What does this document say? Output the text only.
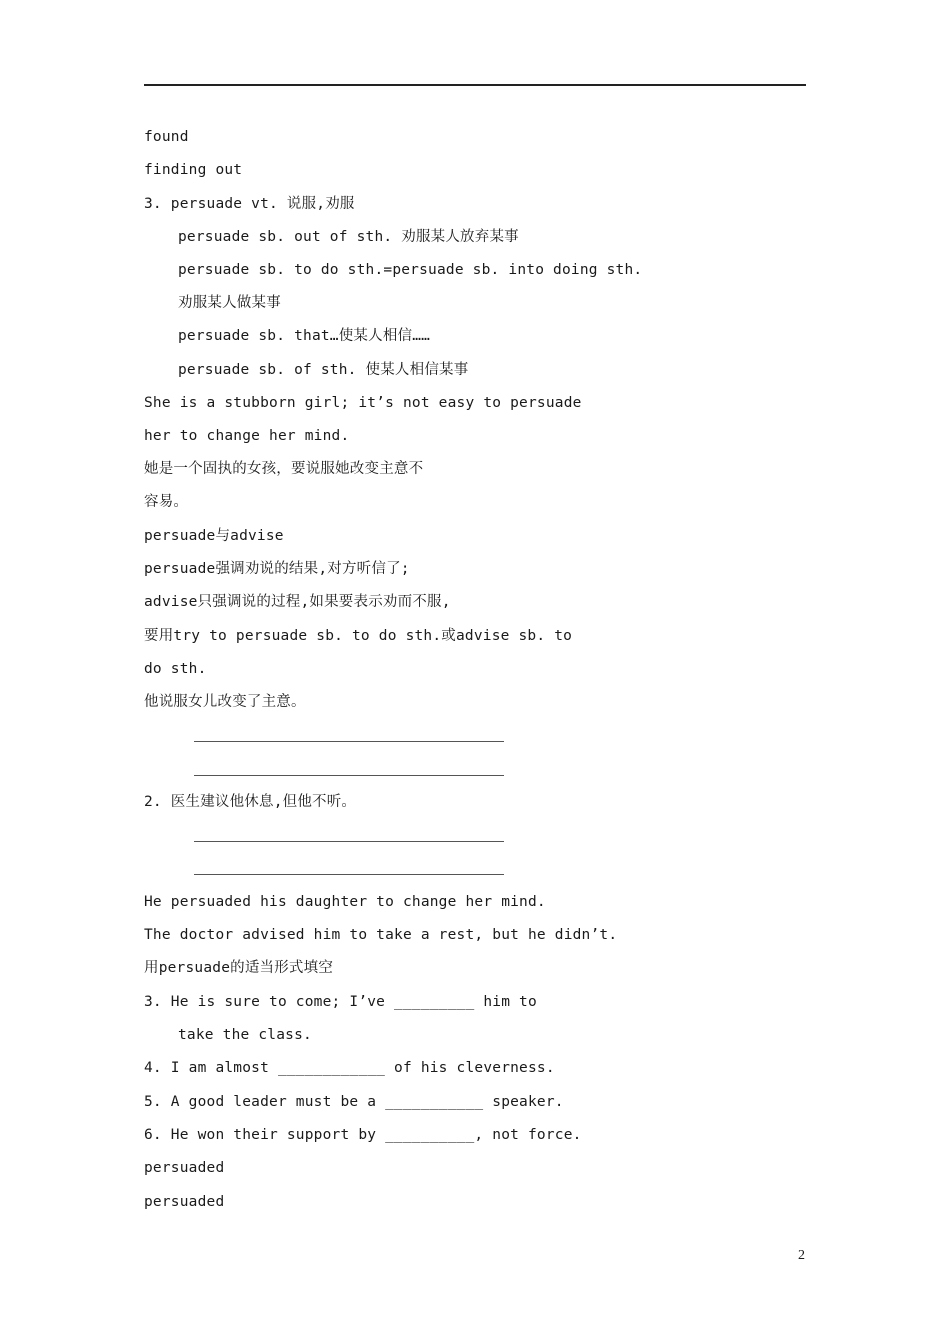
found
finding out
3. persuade vt. 说服,劝服
persuade sb. out of sth. 劝服某人放弃某事
persuade sb. to do sth.=persuade sb. into doing sth.
劝服某人做某事
persuade sb. that…使某人相信……
persuade sb. of sth. 使某人相信某事
She is a stubborn girl; it’s not easy to persuade
her to change her mind.
她是一个固执的女孩，要说服她改变主意不
容易。
persuade与advise
persuade强调劝说的结果,对方听信了;
advise只强调说的过程,如果要表示劝而不服,
要用try to persuade sb. to do sth.或advise sb. to
do sth.
他说服女儿改变了主意。
2. 医生建议他休息,但他不听。
He persuaded his daughter to change her mind.
The doctor advised him to take a rest, but he didn’t.
用persuade的适当形式填空
3. He is sure to come; I’ve _________ him to
take the class.
4. I am almost ____________ of his cleverness.
5. A good leader must be a ___________ speaker.
6. He won their support by __________, not force.
persuaded
persuaded
2
